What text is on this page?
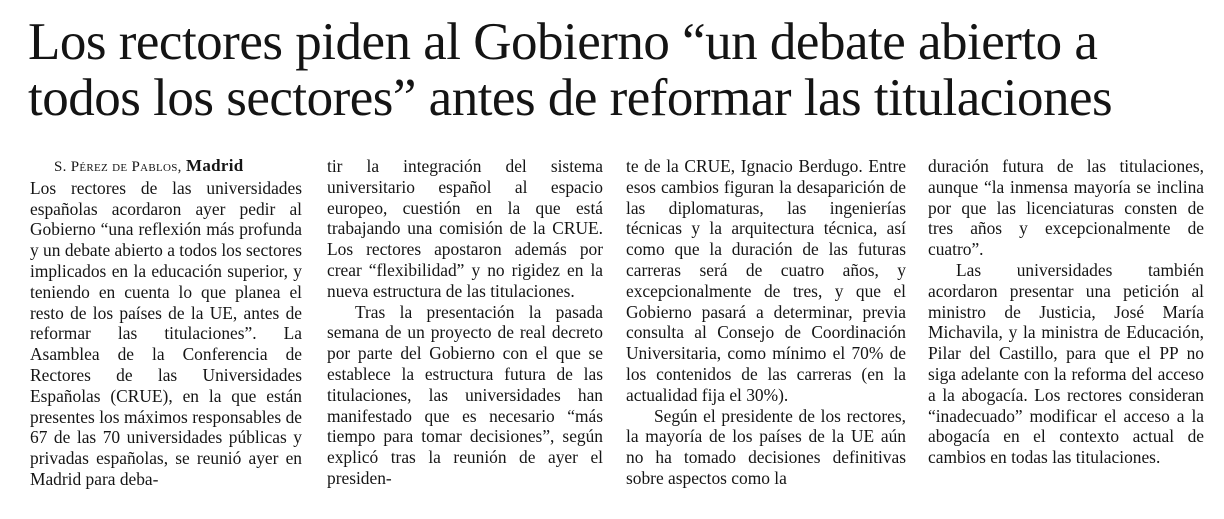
Los rectores piden al Gobierno “un debate abierto a
todos los sectores” antes de reformar las titulaciones
S. Pérez de Pablos, Madrid

Los rectores de las universidades españolas acordaron ayer pedir al Gobierno “una reflexión más profunda y un debate abierto a todos los sectores implicados en la educación superior, y teniendo en cuenta lo que planea el resto de los países de la UE, antes de reformar las titulaciones”. La Asamblea de la Conferencia de Rectores de las Universidades Españolas (CRUE), en la que están presentes los máximos responsables de 67 de las 70 universidades públicas y privadas españolas, se reunió ayer en Madrid para deba-

tir la integración del sistema universitario español al espacio europeo, cuestión en la que está trabajando una comisión de la CRUE. Los rectores apostaron además por crear “flexibilidad” y no rigidez en la nueva estructura de las titulaciones.

Tras la presentación la pasada semana de un proyecto de real decreto por parte del Gobierno con el que se establece la estructura futura de las titulaciones, las universidades han manifestado que es necesario “más tiempo para tomar decisiones”, según explicó tras la reunión de ayer el presiden-

te de la CRUE, Ignacio Berdugo. Entre esos cambios figuran la desaparición de las diplomaturas, las ingenierías técnicas y la arquitectura técnica, así como que la duración de las futuras carreras será de cuatro años, y excepcionalmente de tres, y que el Gobierno pasará a determinar, previa consulta al Consejo de Coordinación Universitaria, como mínimo el 70% de los contenidos de las carreras (en la actualidad fija el 30%).

Según el presidente de los rectores, la mayoría de los países de la UE aún no ha tomado decisiones definitivas sobre aspectos como la

duración futura de las titulaciones, aunque “la inmensa mayoría se inclina por que las licenciaturas consten de tres años y excepcionalmente de cuatro”.

Las universidades también acordaron presentar una petición al ministro de Justicia, José María Michavila, y la ministra de Educación, Pilar del Castillo, para que el PP no siga adelante con la reforma del acceso a la abogacía. Los rectores consideran “inadecuado” modificar el acceso a la abogacía en el contexto actual de cambios en todas las titulaciones.
